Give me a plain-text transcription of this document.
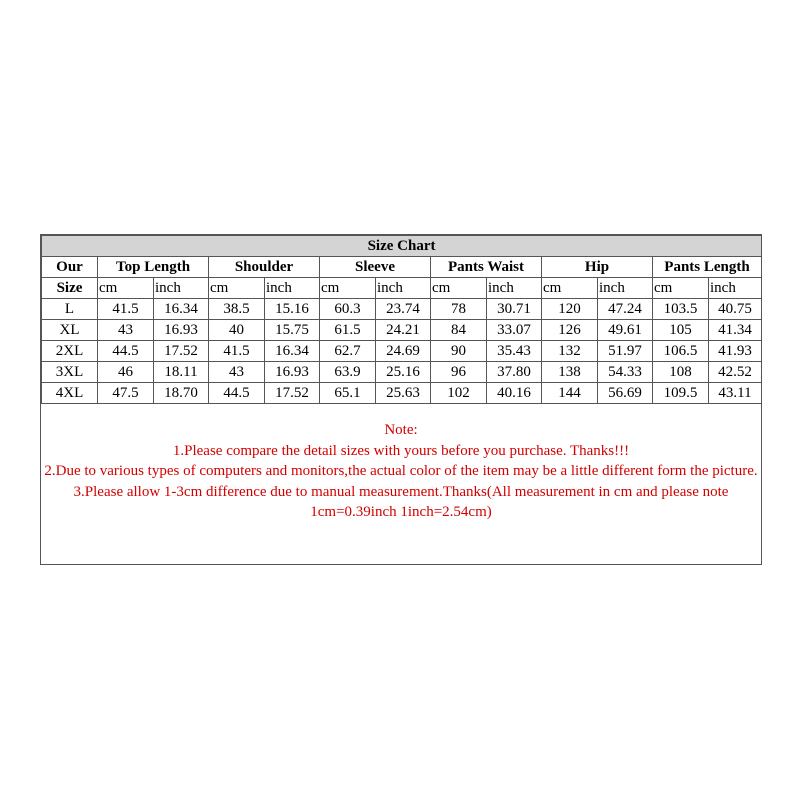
Size Chart												
Our	Top Length		Shoulder		Sleeve		Pants Waist		Hip		Pants Length	
Size	cm	inch	cm	inch	cm	inch	cm	inch	cm	inch	cm	inch
L	41.5	16.34	38.5	15.16	60.3	23.74	78	30.71	120	47.24	103.5	40.75
XL	43	16.93	40	15.75	61.5	24.21	84	33.07	126	49.61	105	41.34
2XL	44.5	17.52	41.5	16.34	62.7	24.69	90	35.43	132	51.97	106.5	41.93
3XL	46	18.11	43	16.93	63.9	25.16	96	37.80	138	54.33	108	42.52
4XL	47.5	18.70	44.5	17.52	65.1	25.63	102	40.16	144	56.69	109.5	43.11
Note:
1.Please compare the detail sizes with yours before you purchase. Thanks!!!
2.Due to various types of computers and monitors,the actual color of the item may be a little different form the picture.
3.Please allow 1-3cm difference due to manual measurement.Thanks(All measurement in cm and please note 1cm=0.39inch 1inch=2.54cm)
